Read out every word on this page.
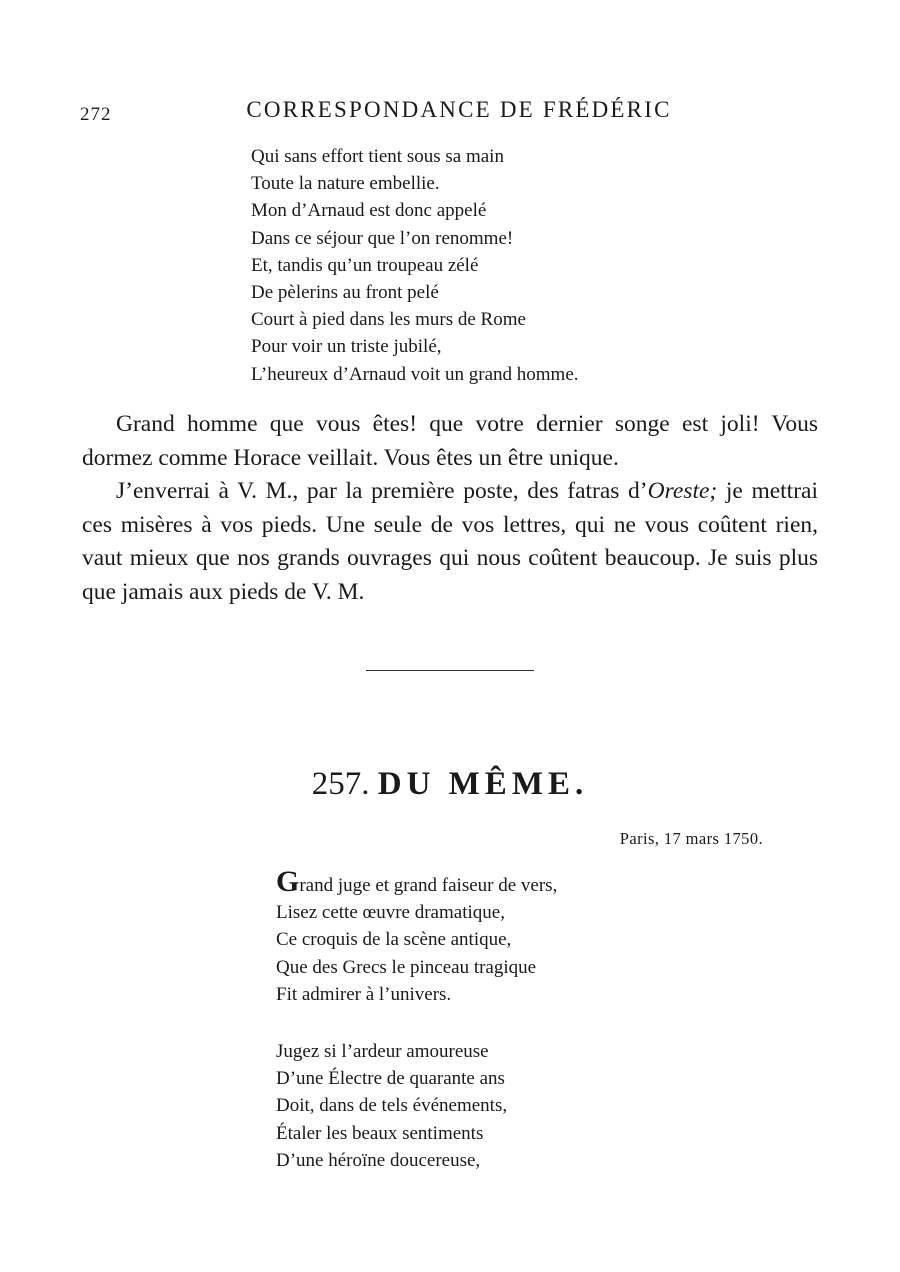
272	CORRESPONDANCE DE FRÉDÉRIC
Qui sans effort tient sous sa main
Toute la nature embellie.
Mon d’Arnaud est donc appelé
Dans ce séjour que l’on renomme!
Et, tandis qu’un troupeau zélé
De pèlerins au front pelé
Court à pied dans les murs de Rome
Pour voir un triste jubilé,
L’heureux d’Arnaud voit un grand homme.

Grand homme que vous êtes! que votre dernier songe est joli! Vous dormez comme Horace veillait. Vous êtes un être unique.

J’enverrai à V. M., par la première poste, des fatras d’Oreste; je mettrai ces misères à vos pieds. Une seule de vos lettres, qui ne vous coûtent rien, vaut mieux que nos grands ouvrages qui nous coûtent beaucoup. Je suis plus que jamais aux pieds de V. M.

257. DU MÊME.
Paris, 17 mars 1750.
Grand juge et grand faiseur de vers,
Lisez cette œuvre dramatique,
Ce croquis de la scène antique,
Que des Grecs le pinceau tragique
Fit admirer à l’univers.
Jugez si l’ardeur amoureuse
D’une Électre de quarante ans
Doit, dans de tels événements,
Étaler les beaux sentiments
D’une héroïne doucereuse,
